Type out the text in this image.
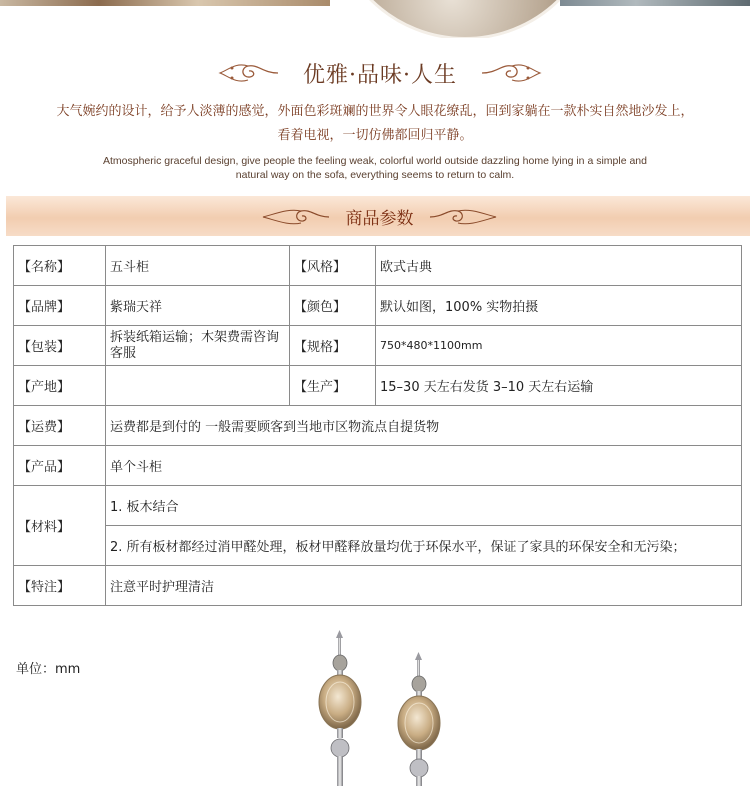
优雅·品味·人生
大气婉约的设计，给予人淡薄的感觉，外面色彩斑斓的世界令人眼花缭乱，回到家躺在一款朴实自然地沙发上，
看着电视，一切仿佛都回归平静。
Atmospheric graceful design, give people the feeling weak, colorful world outside dazzling home lying in a simple and
natural way on the sofa, everything seems to return to calm.
商品参数
【名称】	五斗柜	【风格】	欧式古典
【品牌】	紫瑞天祥	【颜色】	默认如图，100% 实物拍摄
【包装】	拆装纸箱运输；木架费需咨询客服	【规格】	750*480*1100mm
【产地】		【生产】	15–30 天左右发货 3–10 天左右运输
【运费】	运费都是到付的 一般需要顾客到当地市区物流点自提货物		
【产品】	单个斗柜		
【材料】	1. 板木结合		
	2. 所有板材都经过消甲醛处理，板材甲醛释放量均优于环保水平，保证了家具的环保安全和无污染；		
【特注】	注意平时护理清洁		
单位：mm
